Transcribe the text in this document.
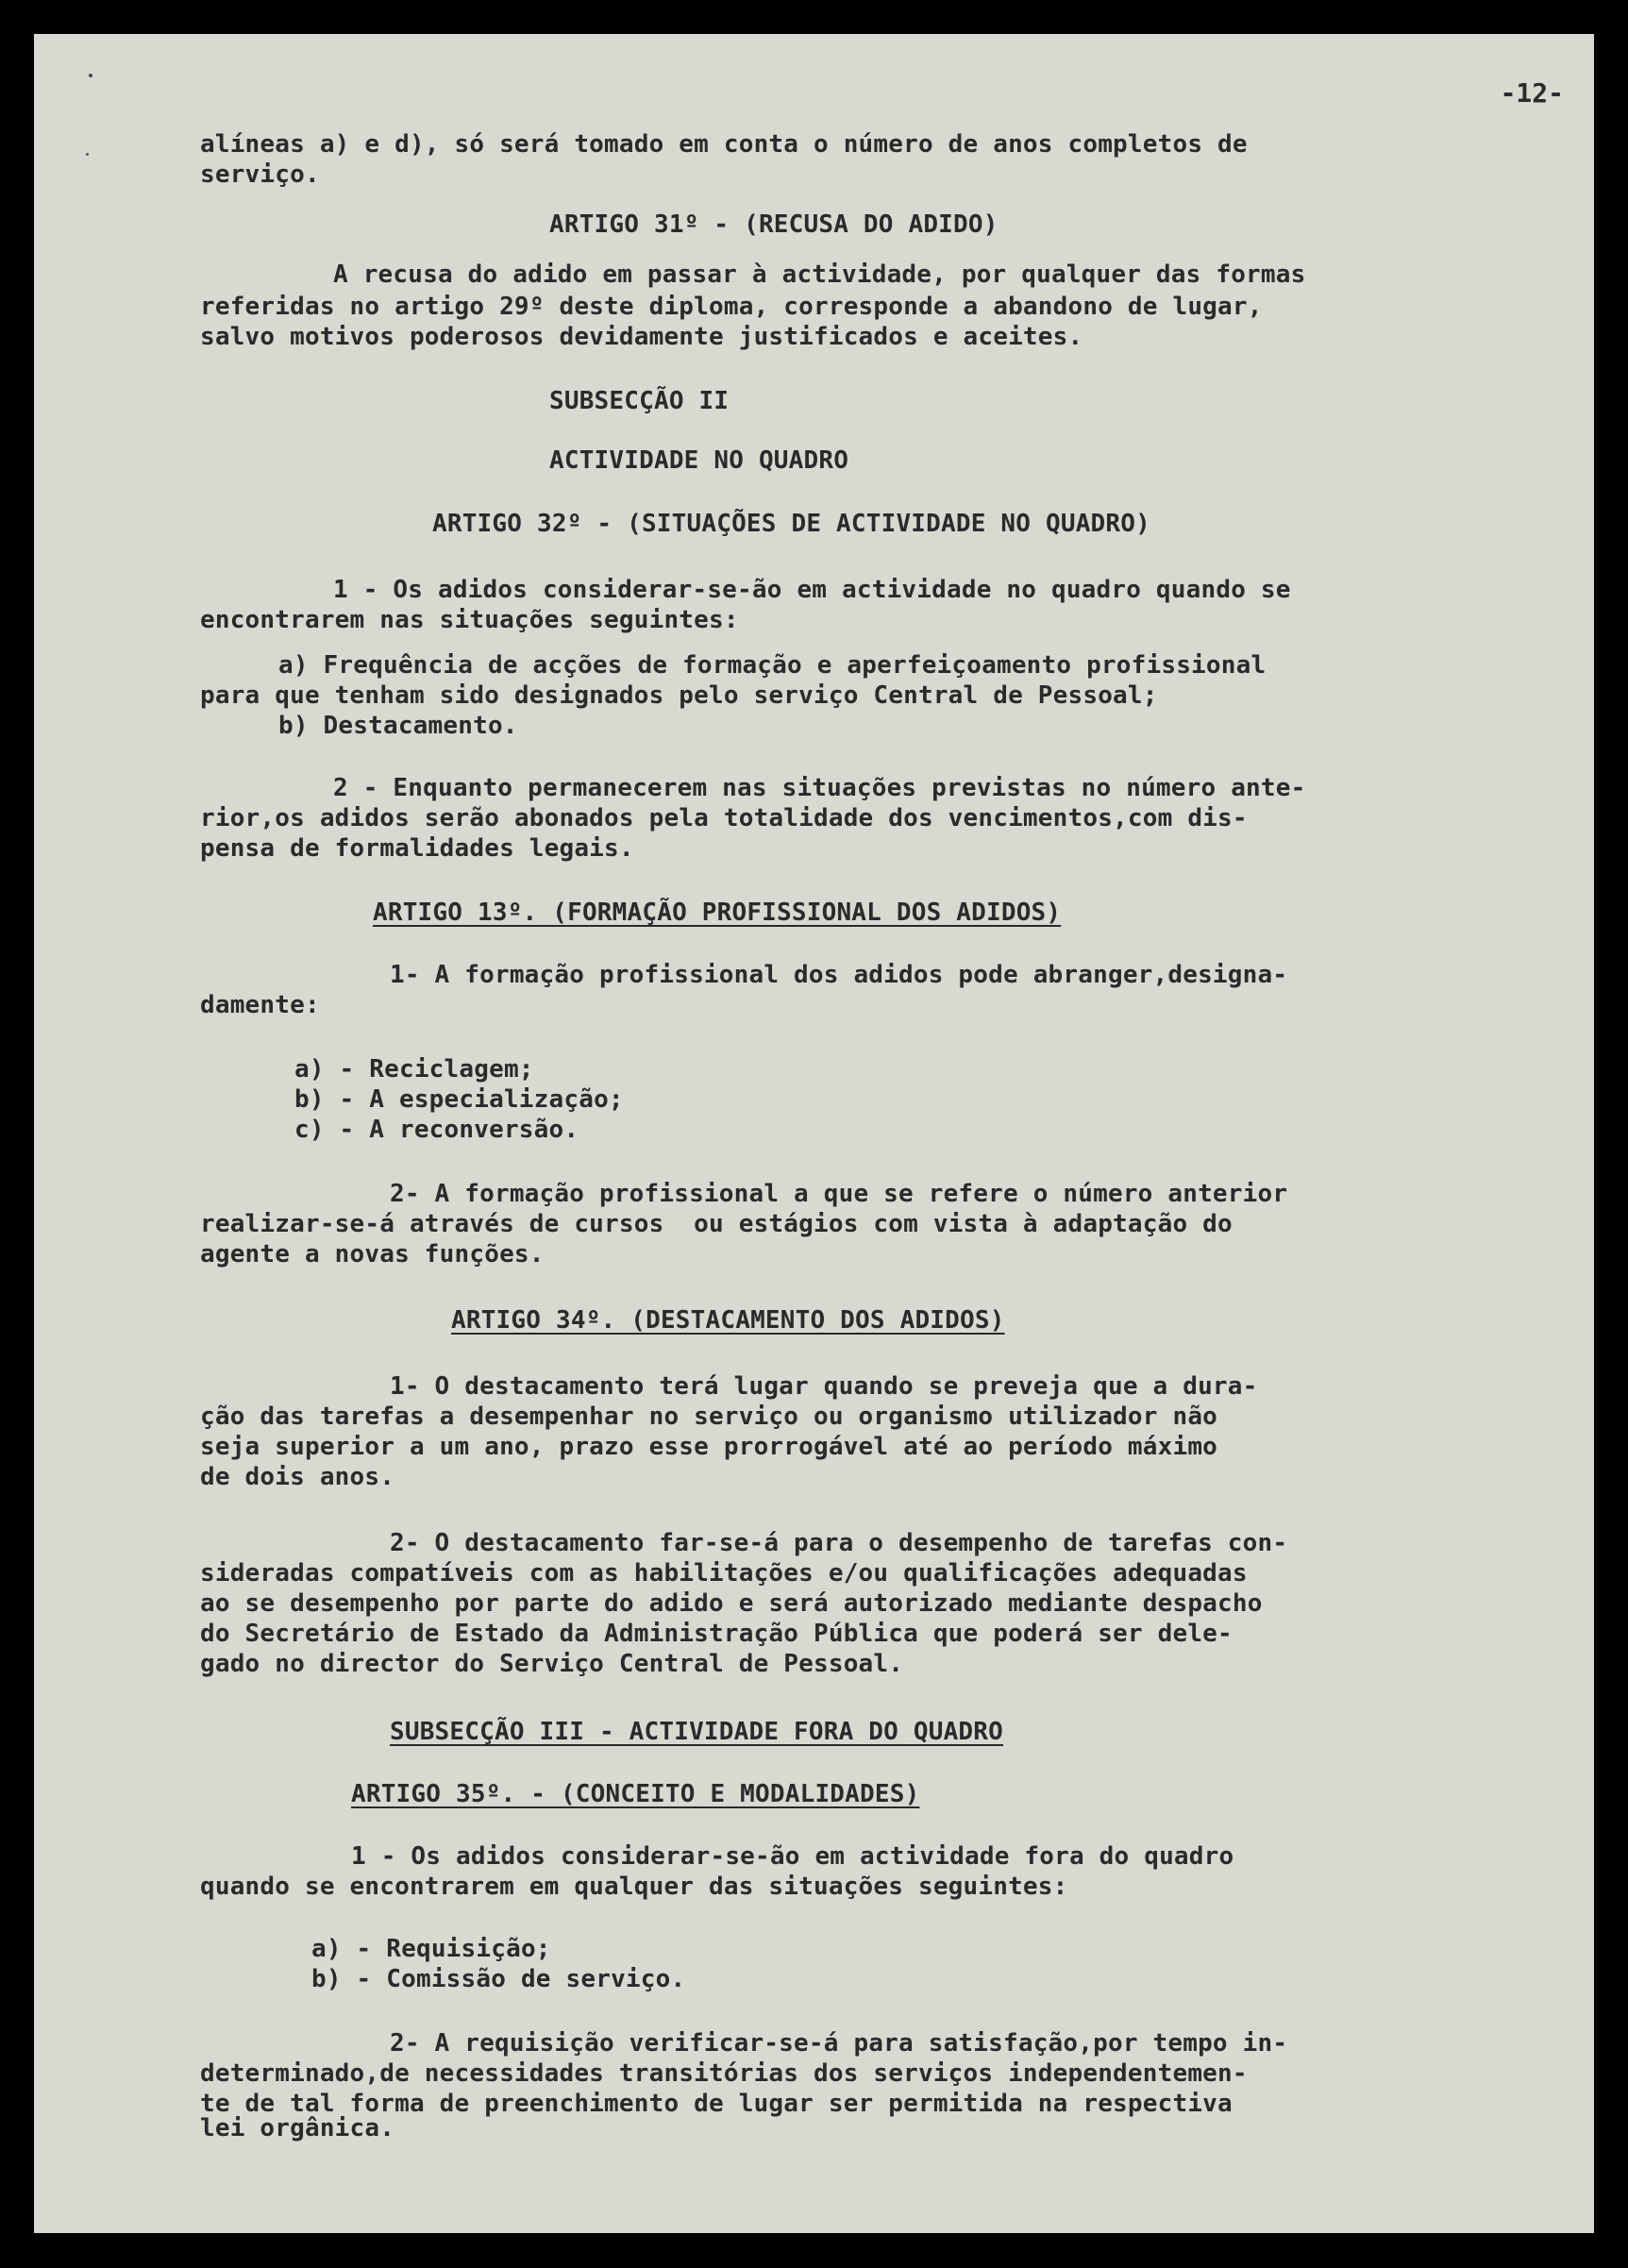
-12-
alíneas a) e d), só será tomado em conta o número de anos completos de
serviço.
ARTIGO 31º - (RECUSA DO ADIDO)
A recusa do adido em passar à actividade, por qualquer das formas
referidas no artigo 29º deste diploma, corresponde a abandono de lugar,
salvo motivos poderosos devidamente justificados e aceites.
SUBSECÇÃO II
ACTIVIDADE NO QUADRO
ARTIGO 32º - (SITUAÇÕES DE ACTIVIDADE NO QUADRO)
1 - Os adidos considerar-se-ão em actividade no quadro quando se
encontrarem nas situações seguintes:
a) Frequência de acções de formação e aperfeiçoamento profissional
para que tenham sido designados pelo serviço Central de Pessoal;
b) Destacamento.
2 - Enquanto permanecerem nas situações previstas no número ante-
rior,os adidos serão abonados pela totalidade dos vencimentos,com dis-
pensa de formalidades legais.
ARTIGO 13º. (FORMAÇÃO PROFISSIONAL DOS ADIDOS)
1- A formação profissional dos adidos pode abranger,designa-
damente:
a) - Reciclagem;
b) - A especialização;
c) - A reconversão.
2- A formação profissional a que se refere o número anterior
realizar-se-á através de cursos  ou estágios com vista à adaptação do
agente a novas funções.
ARTIGO 34º. (DESTACAMENTO DOS ADIDOS)
1- O destacamento terá lugar quando se preveja que a dura-
ção das tarefas a desempenhar no serviço ou organismo utilizador não
seja superior a um ano, prazo esse prorrogável até ao período máximo
de dois anos.
2- O destacamento far-se-á para o desempenho de tarefas con-
sideradas compatíveis com as habilitações e/ou qualificações adequadas
ao se desempenho por parte do adido e será autorizado mediante despacho
do Secretário de Estado da Administração Pública que poderá ser dele-
gado no director do Serviço Central de Pessoal.
SUBSECÇÃO III - ACTIVIDADE FORA DO QUADRO
ARTIGO 35º. - (CONCEITO E MODALIDADES)
1 - Os adidos considerar-se-ão em actividade fora do quadro
quando se encontrarem em qualquer das situações seguintes:
a) - Requisição;
b) - Comissão de serviço.
2- A requisição verificar-se-á para satisfação,por tempo in-
determinado,de necessidades transitórias dos serviços independentemen-
te de tal forma de preenchimento de lugar ser permitida na respectiva
lei orgânica.
